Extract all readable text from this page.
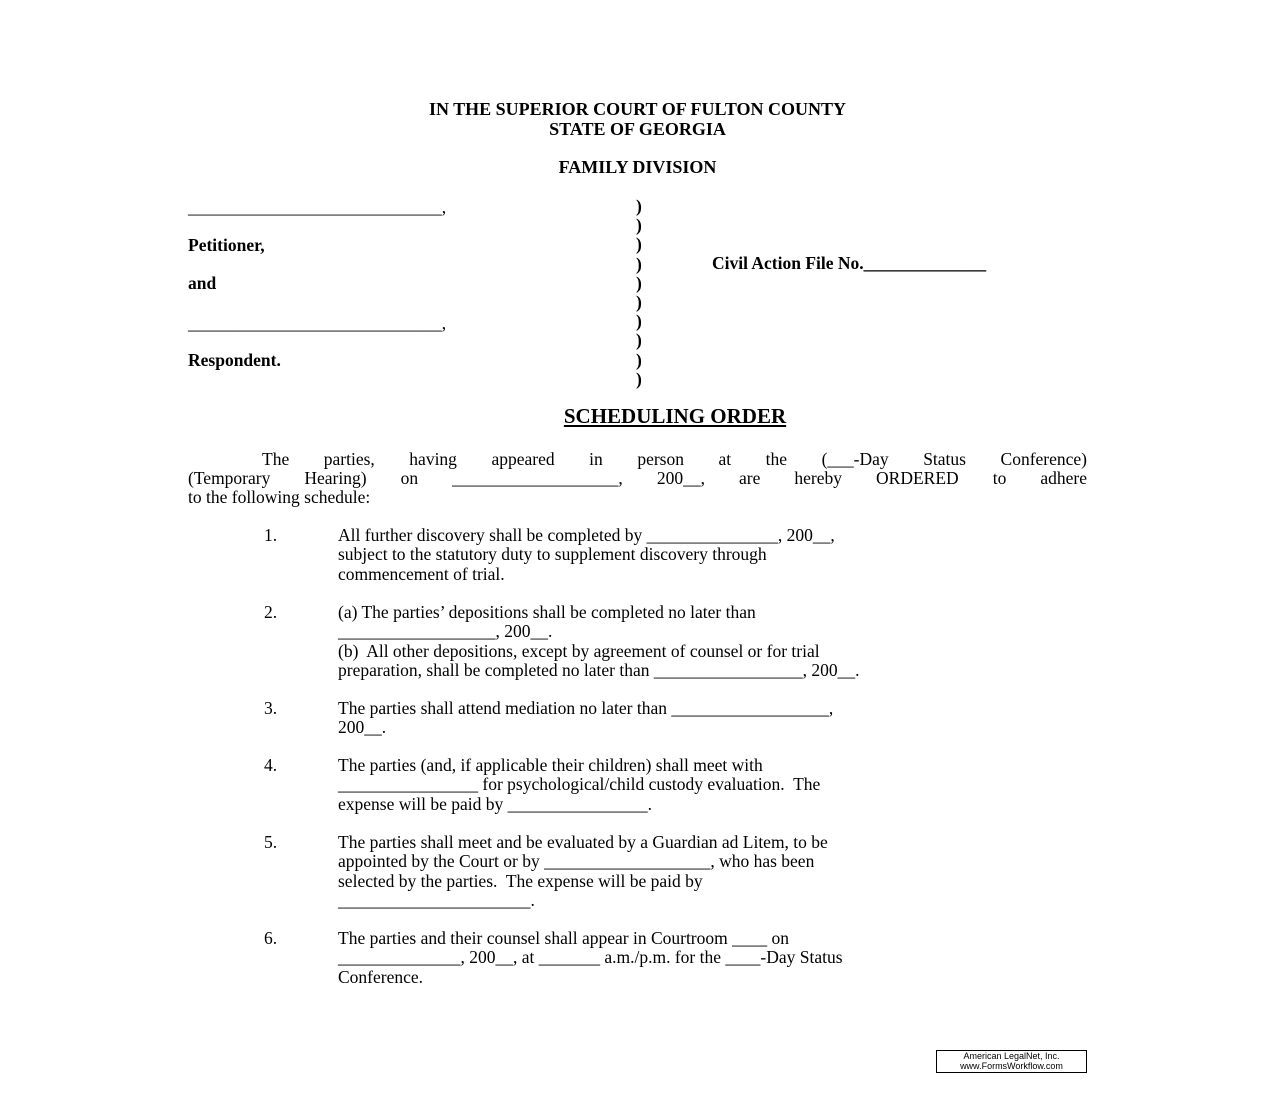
IN THE SUPERIOR COURT OF FULTON COUNTY
STATE OF GEORGIA
FAMILY DIVISION
_____________________________,
Petitioner,
and
_____________________________,
Respondent.
)
)
)
)
)
)
)
)
)
)
Civil Action File No.______________
SCHEDULING ORDER
The parties, having appeared in person at the (___-Day Status Conference)
(Temporary Hearing) on ___________________, 200__, are hereby ORDERED to adhere
to the following schedule:
1.	All further discovery shall be completed by _______________, 200__,
subject to the statutory duty to supplement discovery through
commencement of trial.
2.	(a) The parties’ depositions shall be completed no later than
__________________, 200__.
(b)  All other depositions, except by agreement of counsel or for trial
preparation, shall be completed no later than _________________, 200__.
3.	The parties shall attend mediation no later than __________________,
200__.
4.	The parties (and, if applicable their children) shall meet with
________________ for psychological/child custody evaluation.  The
expense will be paid by ________________.
5.	The parties shall meet and be evaluated by a Guardian ad Litem, to be
appointed by the Court or by ___________________, who has been
selected by the parties.  The expense will be paid by
______________________.
6.	The parties and their counsel shall appear in Courtroom ____ on
______________, 200__, at _______ a.m./p.m. for the ____-Day Status
Conference.
American LegalNet, Inc.
www.FormsWorkflow.com
